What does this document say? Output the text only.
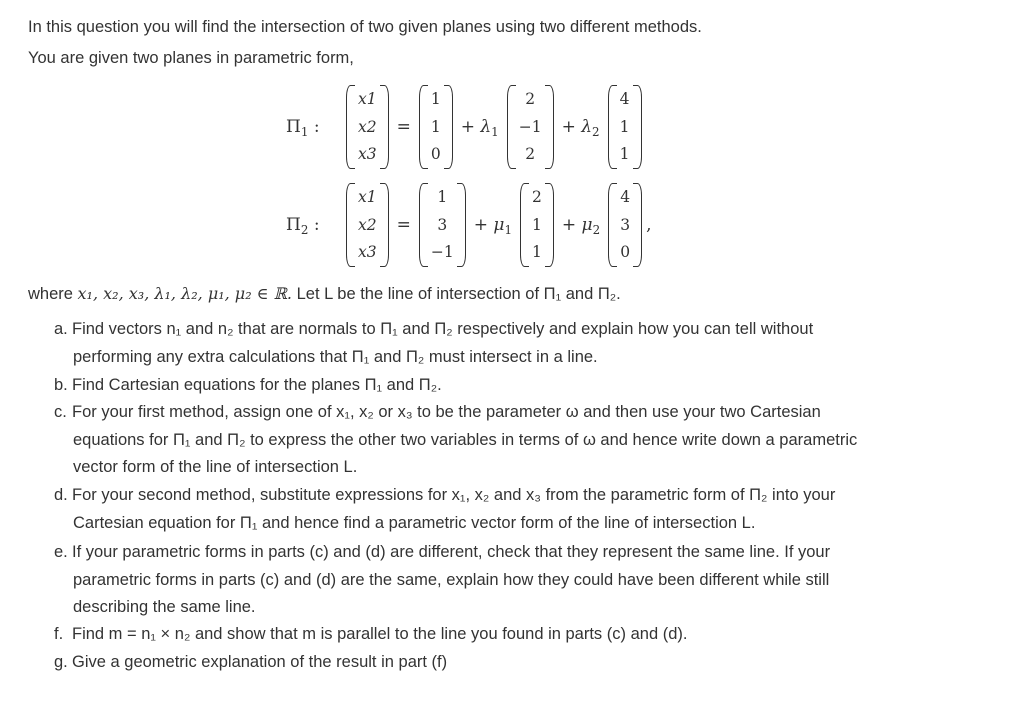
In this question you will find the intersection of two given planes using two different methods.
You are given two planes in parametric form,
$\Pi_1$ :
x1
x2
x3
=
1
1
0
+ $\lambda_1$
2
−1
2
+ $\lambda_2$
4
1
1
$\Pi_2$ :
x1
x2
x3
=
1
3
−1
+ $\mu_1$
2
1
1
+ $\mu_2$
4
3
0
,
where x₁, x₂, x₃, λ₁, λ₂, μ₁, μ₂ ∈ ℝ. Let L be the line of intersection of Π₁ and Π₂.
a. Find vectors n₁ and n₂ that are normals to Π₁ and Π₂ respectively and explain how you can tell without
performing any extra calculations that Π₁ and Π₂ must intersect in a line.
b. Find Cartesian equations for the planes Π₁ and Π₂.
c. For your first method, assign one of x₁, x₂ or x₃ to be the parameter ω and then use your two Cartesian
equations for Π₁ and Π₂ to express the other two variables in terms of ω and hence write down a parametric
vector form of the line of intersection L.
d. For your second method, substitute expressions for x₁, x₂ and x₃ from the parametric form of Π₂ into your
Cartesian equation for Π₁ and hence find a parametric vector form of the line of intersection L.
e. If your parametric forms in parts (c) and (d) are different, check that they represent the same line. If your
parametric forms in parts (c) and (d) are the same, explain how they could have been different while still
describing the same line.
f. Find m = n₁ × n₂ and show that m is parallel to the line you found in parts (c) and (d).
g. Give a geometric explanation of the result in part (f)
